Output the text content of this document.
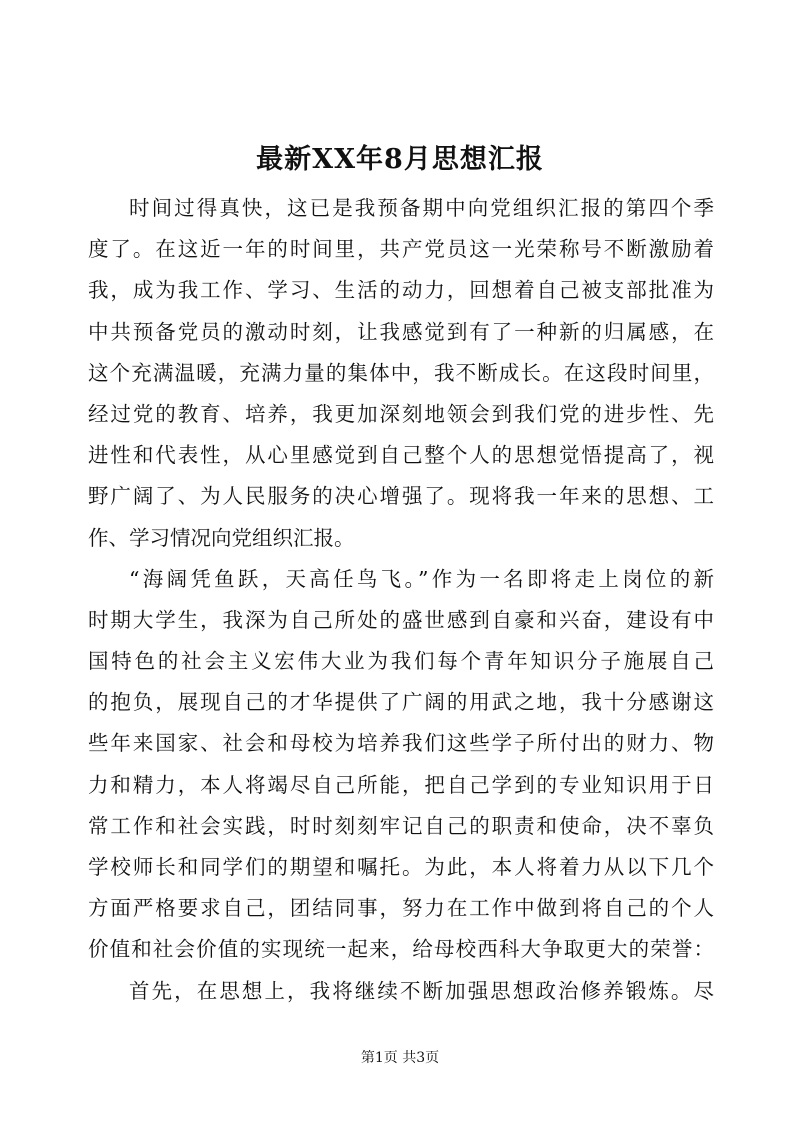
最新XX年8月思想汇报
时间过得真快，这已是我预备期中向党组织汇报的第四个季
度了。在这近一年的时间里，共产党员这一光荣称号不断激励着
我，成为我工作、学习、生活的动力，回想着自己被支部批准为
中共预备党员的激动时刻，让我感觉到有了一种新的归属感，在
这个充满温暖，充满力量的集体中，我不断成长。在这段时间里，
经过党的教育、培养，我更加深刻地领会到我们党的进步性、先
进性和代表性，从心里感觉到自己整个人的思想觉悟提高了，视
野广阔了、为人民服务的决心增强了。现将我一年来的思想、工
作、学习情况向党组织汇报。
“海阔凭鱼跃，天高任鸟飞。”作为一名即将走上岗位的新
时期大学生，我深为自己所处的盛世感到自豪和兴奋，建设有中
国特色的社会主义宏伟大业为我们每个青年知识分子施展自己
的抱负，展现自己的才华提供了广阔的用武之地，我十分感谢这
些年来国家、社会和母校为培养我们这些学子所付出的财力、物
力和精力，本人将竭尽自己所能，把自己学到的专业知识用于日
常工作和社会实践，时时刻刻牢记自己的职责和使命，决不辜负
学校师长和同学们的期望和嘱托。为此，本人将着力从以下几个
方面严格要求自己，团结同事，努力在工作中做到将自己的个人
价值和社会价值的实现统一起来，给母校西科大争取更大的荣誉：
首先，在思想上，我将继续不断加强思想政治修养锻炼。尽
第1页 共3页
